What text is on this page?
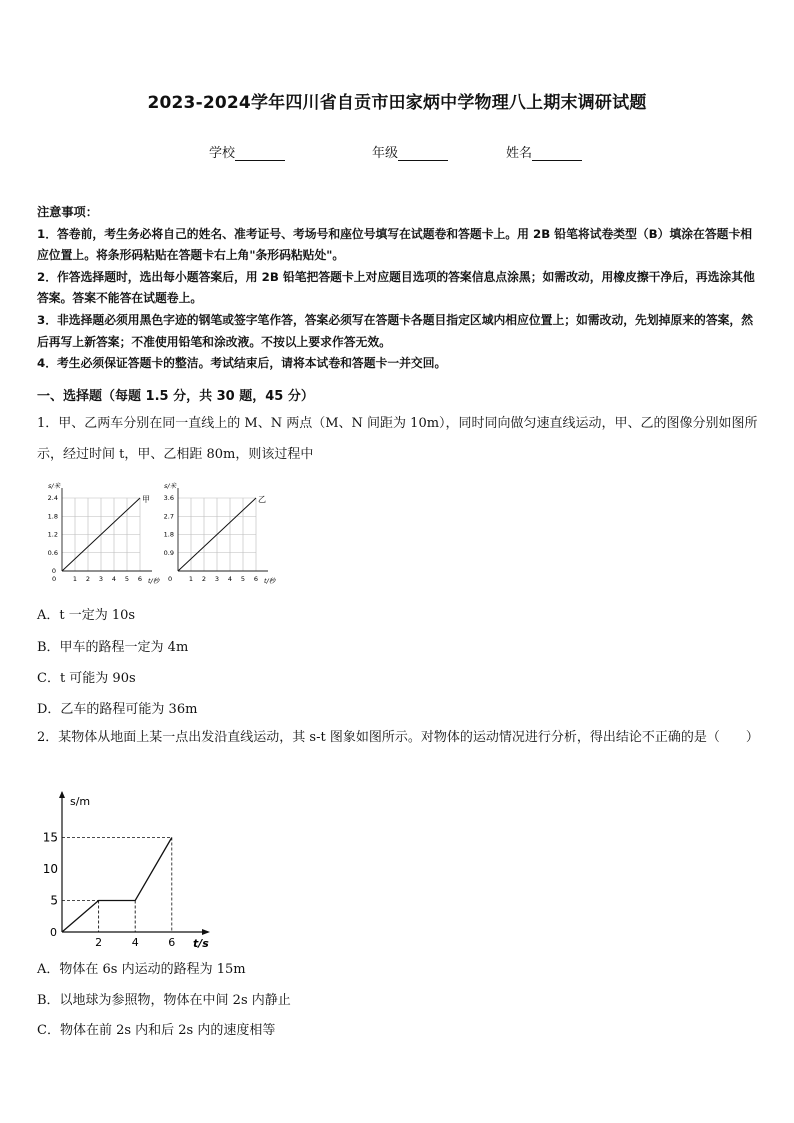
2023-2024学年四川省自贡市田家炳中学物理八上期末调研试题
学校	年级	姓名
注意事项：
1．答卷前，考生务必将自己的姓名、准考证号、考场号和座位号填写在试题卷和答题卡上。用 2B 铅笔将试卷类型（B）填涂在答题卡相应位置上。将条形码粘贴在答题卡右上角"条形码粘贴处"。
2．作答选择题时，选出每小题答案后，用 2B 铅笔把答题卡上对应题目选项的答案信息点涂黑；如需改动，用橡皮擦干净后，再选涂其他答案。答案不能答在试题卷上。
3．非选择题必须用黑色字迹的钢笔或签字笔作答，答案必须写在答题卡各题目指定区域内相应位置上；如需改动，先划掉原来的答案，然后再写上新答案；不准使用铅笔和涂改液。不按以上要求作答无效。
4．考生必须保证答题卡的整洁。考试结束后，请将本试卷和答题卡一并交回。
一、选择题（每题 1.5 分，共 30 题，45 分）
1．甲、乙两车分别在同一直线上的 M、N 两点（M、N 间距为 10m），同时同向做匀速直线运动，甲、乙的图像分别如图所示，经过时间 t，甲、乙相距 80m，则该过程中
0	1 2 3 4 5 6
0
0.6
1.2
1.8
2.4
s/米
t/秒
甲
0	1 2 3 4 5 6
0.9
1.8
2.7
3.6
s/米
t/秒
乙
A．t 一定为 10s
B．甲车的路程一定为 4m
C．t 可能为 90s
D．乙车的路程可能为 36m
2．某物体从地面上某一点出发沿直线运动，其 s-t 图象如图所示。对物体的运动情况进行分析，得出结论不正确的是（　　）
s/m
t/s
0
5
10
15
2	4	6
A．物体在 6s 内运动的路程为 15m
B．以地球为参照物，物体在中间 2s 内静止
C．物体在前 2s 内和后 2s 内的速度相等
